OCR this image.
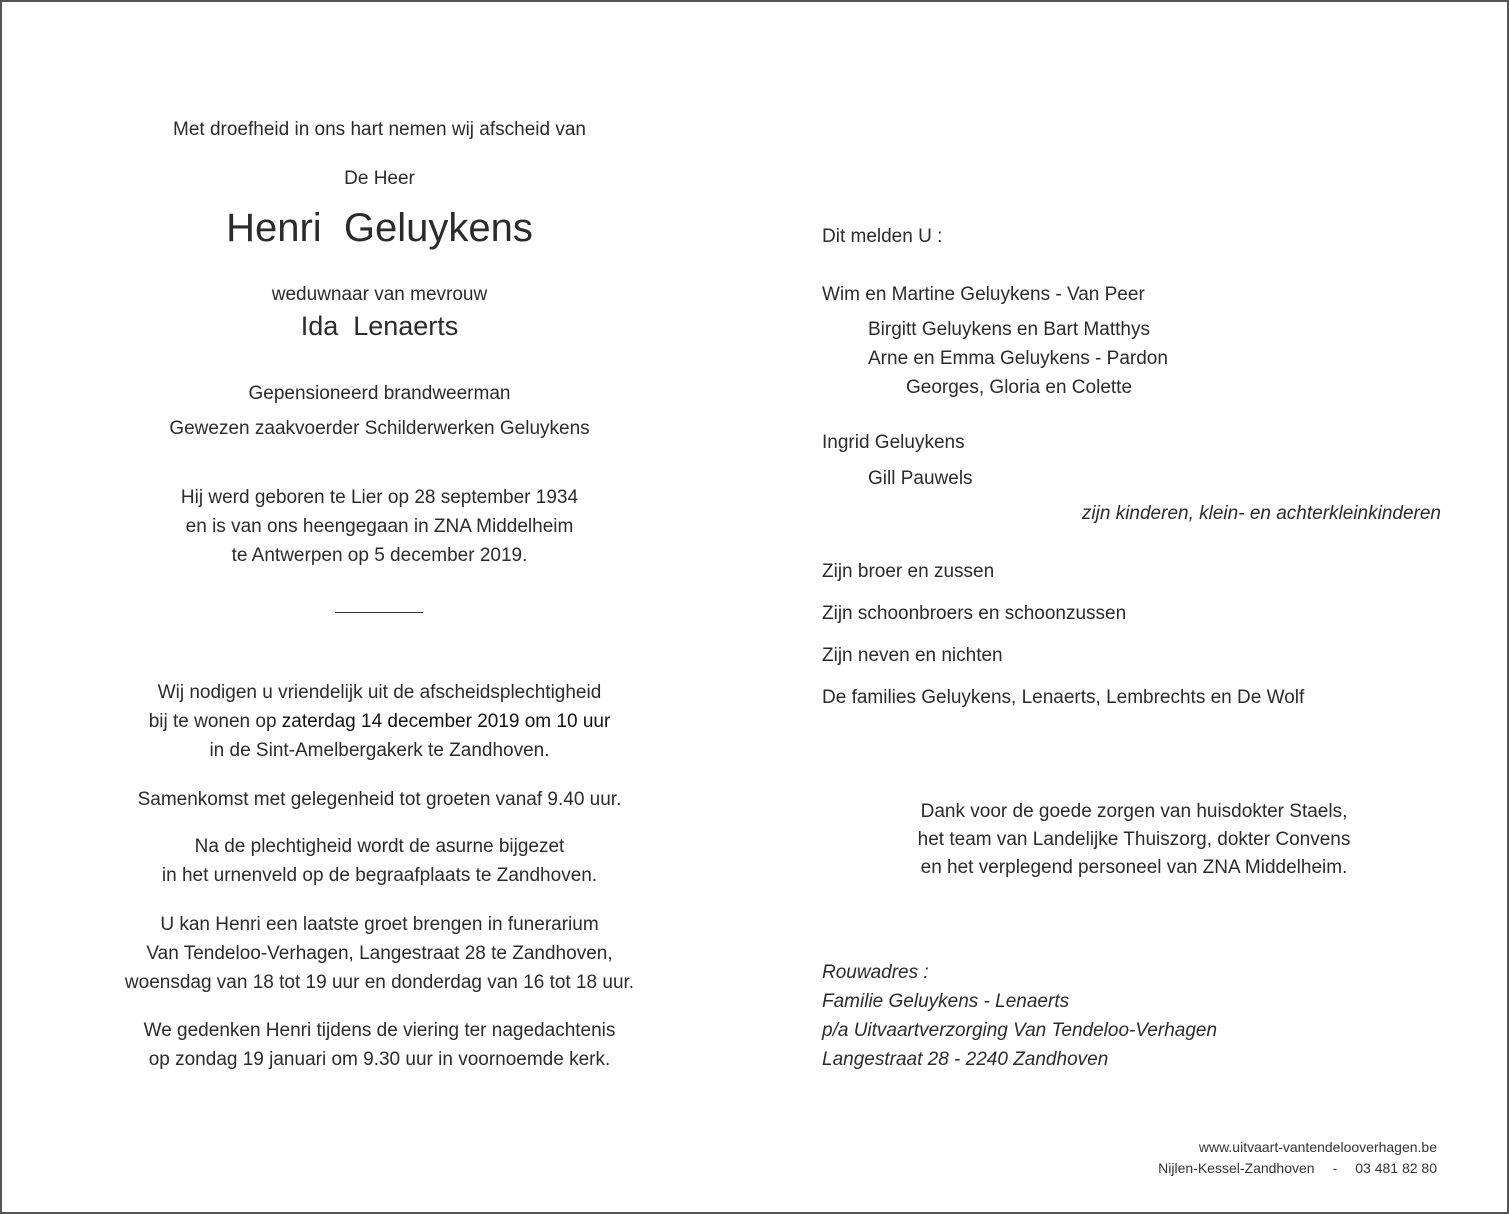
Met droefheid in ons hart nemen wij afscheid van
De Heer
Henri  Geluykens
weduwnaar van mevrouw
Ida  Lenaerts
Gepensioneerd brandweerman
Gewezen zaakvoerder Schilderwerken Geluykens
Hij werd geboren te Lier op 28 september 1934
en is van ons heengegaan in ZNA Middelheim
te Antwerpen op 5 december 2019.
Wij nodigen u vriendelijk uit de afscheidsplechtigheid
bij te wonen op zaterdag 14 december 2019 om 10 uur
in de Sint-Amelbergakerk te Zandhoven.
Samenkomst met gelegenheid tot groeten vanaf 9.40 uur.
Na de plechtigheid wordt de asurne bijgezet
in het urnenveld op de begraafplaats te Zandhoven.
U kan Henri een laatste groet brengen in funerarium
Van Tendeloo-Verhagen, Langestraat 28 te Zandhoven,
woensdag van 18 tot 19 uur en donderdag van 16 tot 18 uur.
We gedenken Henri tijdens de viering ter nagedachtenis
op zondag 19 januari om 9.30 uur in voornoemde kerk.
Dit melden U :
Wim en Martine Geluykens - Van Peer
Birgitt Geluykens en Bart Matthys
Arne en Emma Geluykens - Pardon
Georges, Gloria en Colette
Ingrid Geluykens
Gill Pauwels
zijn kinderen, klein- en achterkleinkinderen
Zijn broer en zussen
Zijn schoonbroers en schoonzussen
Zijn neven en nichten
De families Geluykens, Lenaerts, Lembrechts en De Wolf
Dank voor de goede zorgen van huisdokter Staels,
het team van Landelijke Thuiszorg, dokter Convens
en het verplegend personeel van ZNA Middelheim.
Rouwadres :
Familie Geluykens - Lenaerts
p/a Uitvaartverzorging Van Tendeloo-Verhagen
Langestraat 28 - 2240 Zandhoven
www.uitvaart-vantendelooverhagen.be
Nijlen-Kessel-Zandhoven - 03 481 82 80
